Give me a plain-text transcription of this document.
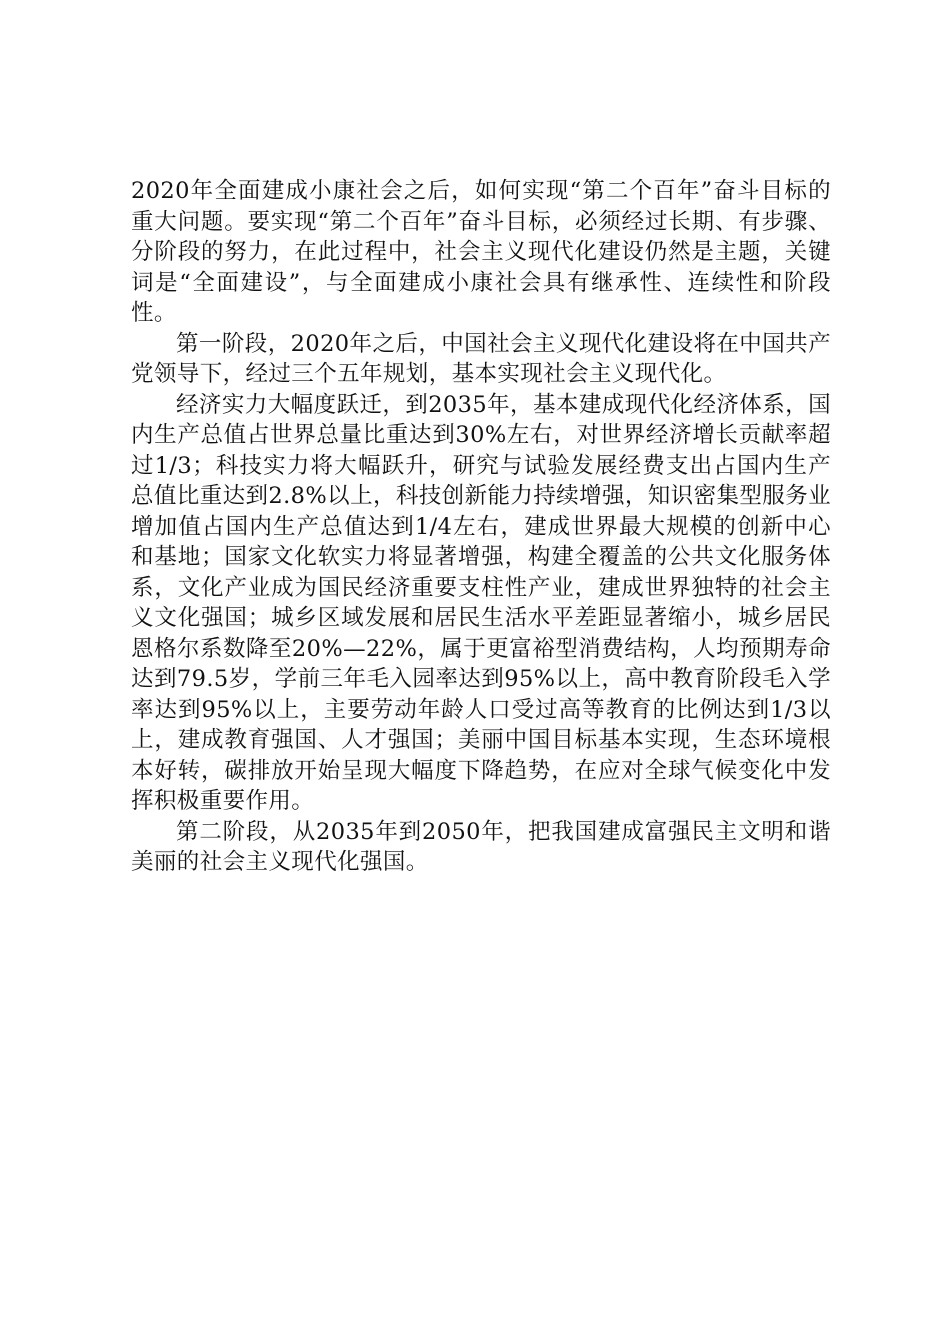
2020年全面建成小康社会之后，如何实现“第二个百年”奋斗目标的重大问题。要实现“第二个百年”奋斗目标，必须经过长期、有步骤、分阶段的努力，在此过程中，社会主义现代化建设仍然是主题，关键词是“全面建设”，与全面建成小康社会具有继承性、连续性和阶段性。

第一阶段，2020年之后，中国社会主义现代化建设将在中国共产党领导下，经过三个五年规划，基本实现社会主义现代化。

经济实力大幅度跃迁，到2035年，基本建成现代化经济体系，国内生产总值占世界总量比重达到30%左右，对世界经济增长贡献率超过1/3；科技实力将大幅跃升，研究与试验发展经费支出占国内生产总值比重达到2.8%以上，科技创新能力持续增强，知识密集型服务业增加值占国内生产总值达到1/4左右，建成世界最大规模的创新中心和基地；国家文化软实力将显著增强，构建全覆盖的公共文化服务体系，文化产业成为国民经济重要支柱性产业，建成世界独特的社会主义文化强国；城乡区域发展和居民生活水平差距显著缩小，城乡居民恩格尔系数降至20%—22%，属于更富裕型消费结构，人均预期寿命达到79.5岁，学前三年毛入园率达到95%以上，高中教育阶段毛入学率达到95%以上，主要劳动年龄人口受过高等教育的比例达到1/3以上，建成教育强国、人才强国；美丽中国目标基本实现，生态环境根本好转，碳排放开始呈现大幅度下降趋势，在应对全球气候变化中发挥积极重要作用。

第二阶段，从2035年到2050年，把我国建成富强民主文明和谐美丽的社会主义现代化强国。
